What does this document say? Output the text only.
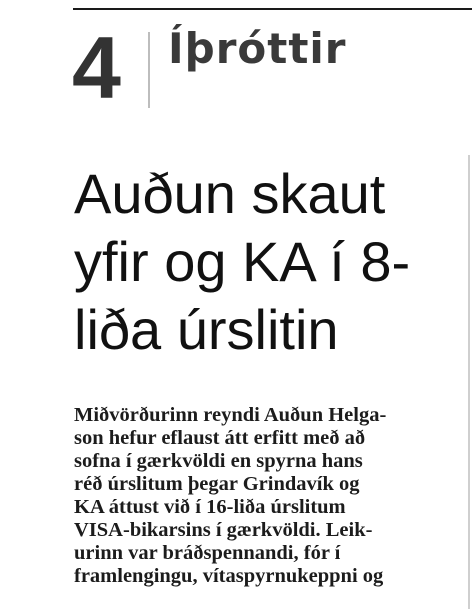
4 Íþróttir
Auðun skaut
yfir og KA í 8-
liða úrslitin
Miðvörðurinn reyndi Auðun Helga-
son hefur eflaust átt erfitt með að
sofna í gærkvöldi en spyrna hans
réð úrslitum þegar Grindavík og
KA áttust við í 16-liða úrslitum
VISA-bikarsins í gærkvöldi. Leik-
urinn var bráðspennandi, fór í
framlengingu, vítaspyrnukeppni og
